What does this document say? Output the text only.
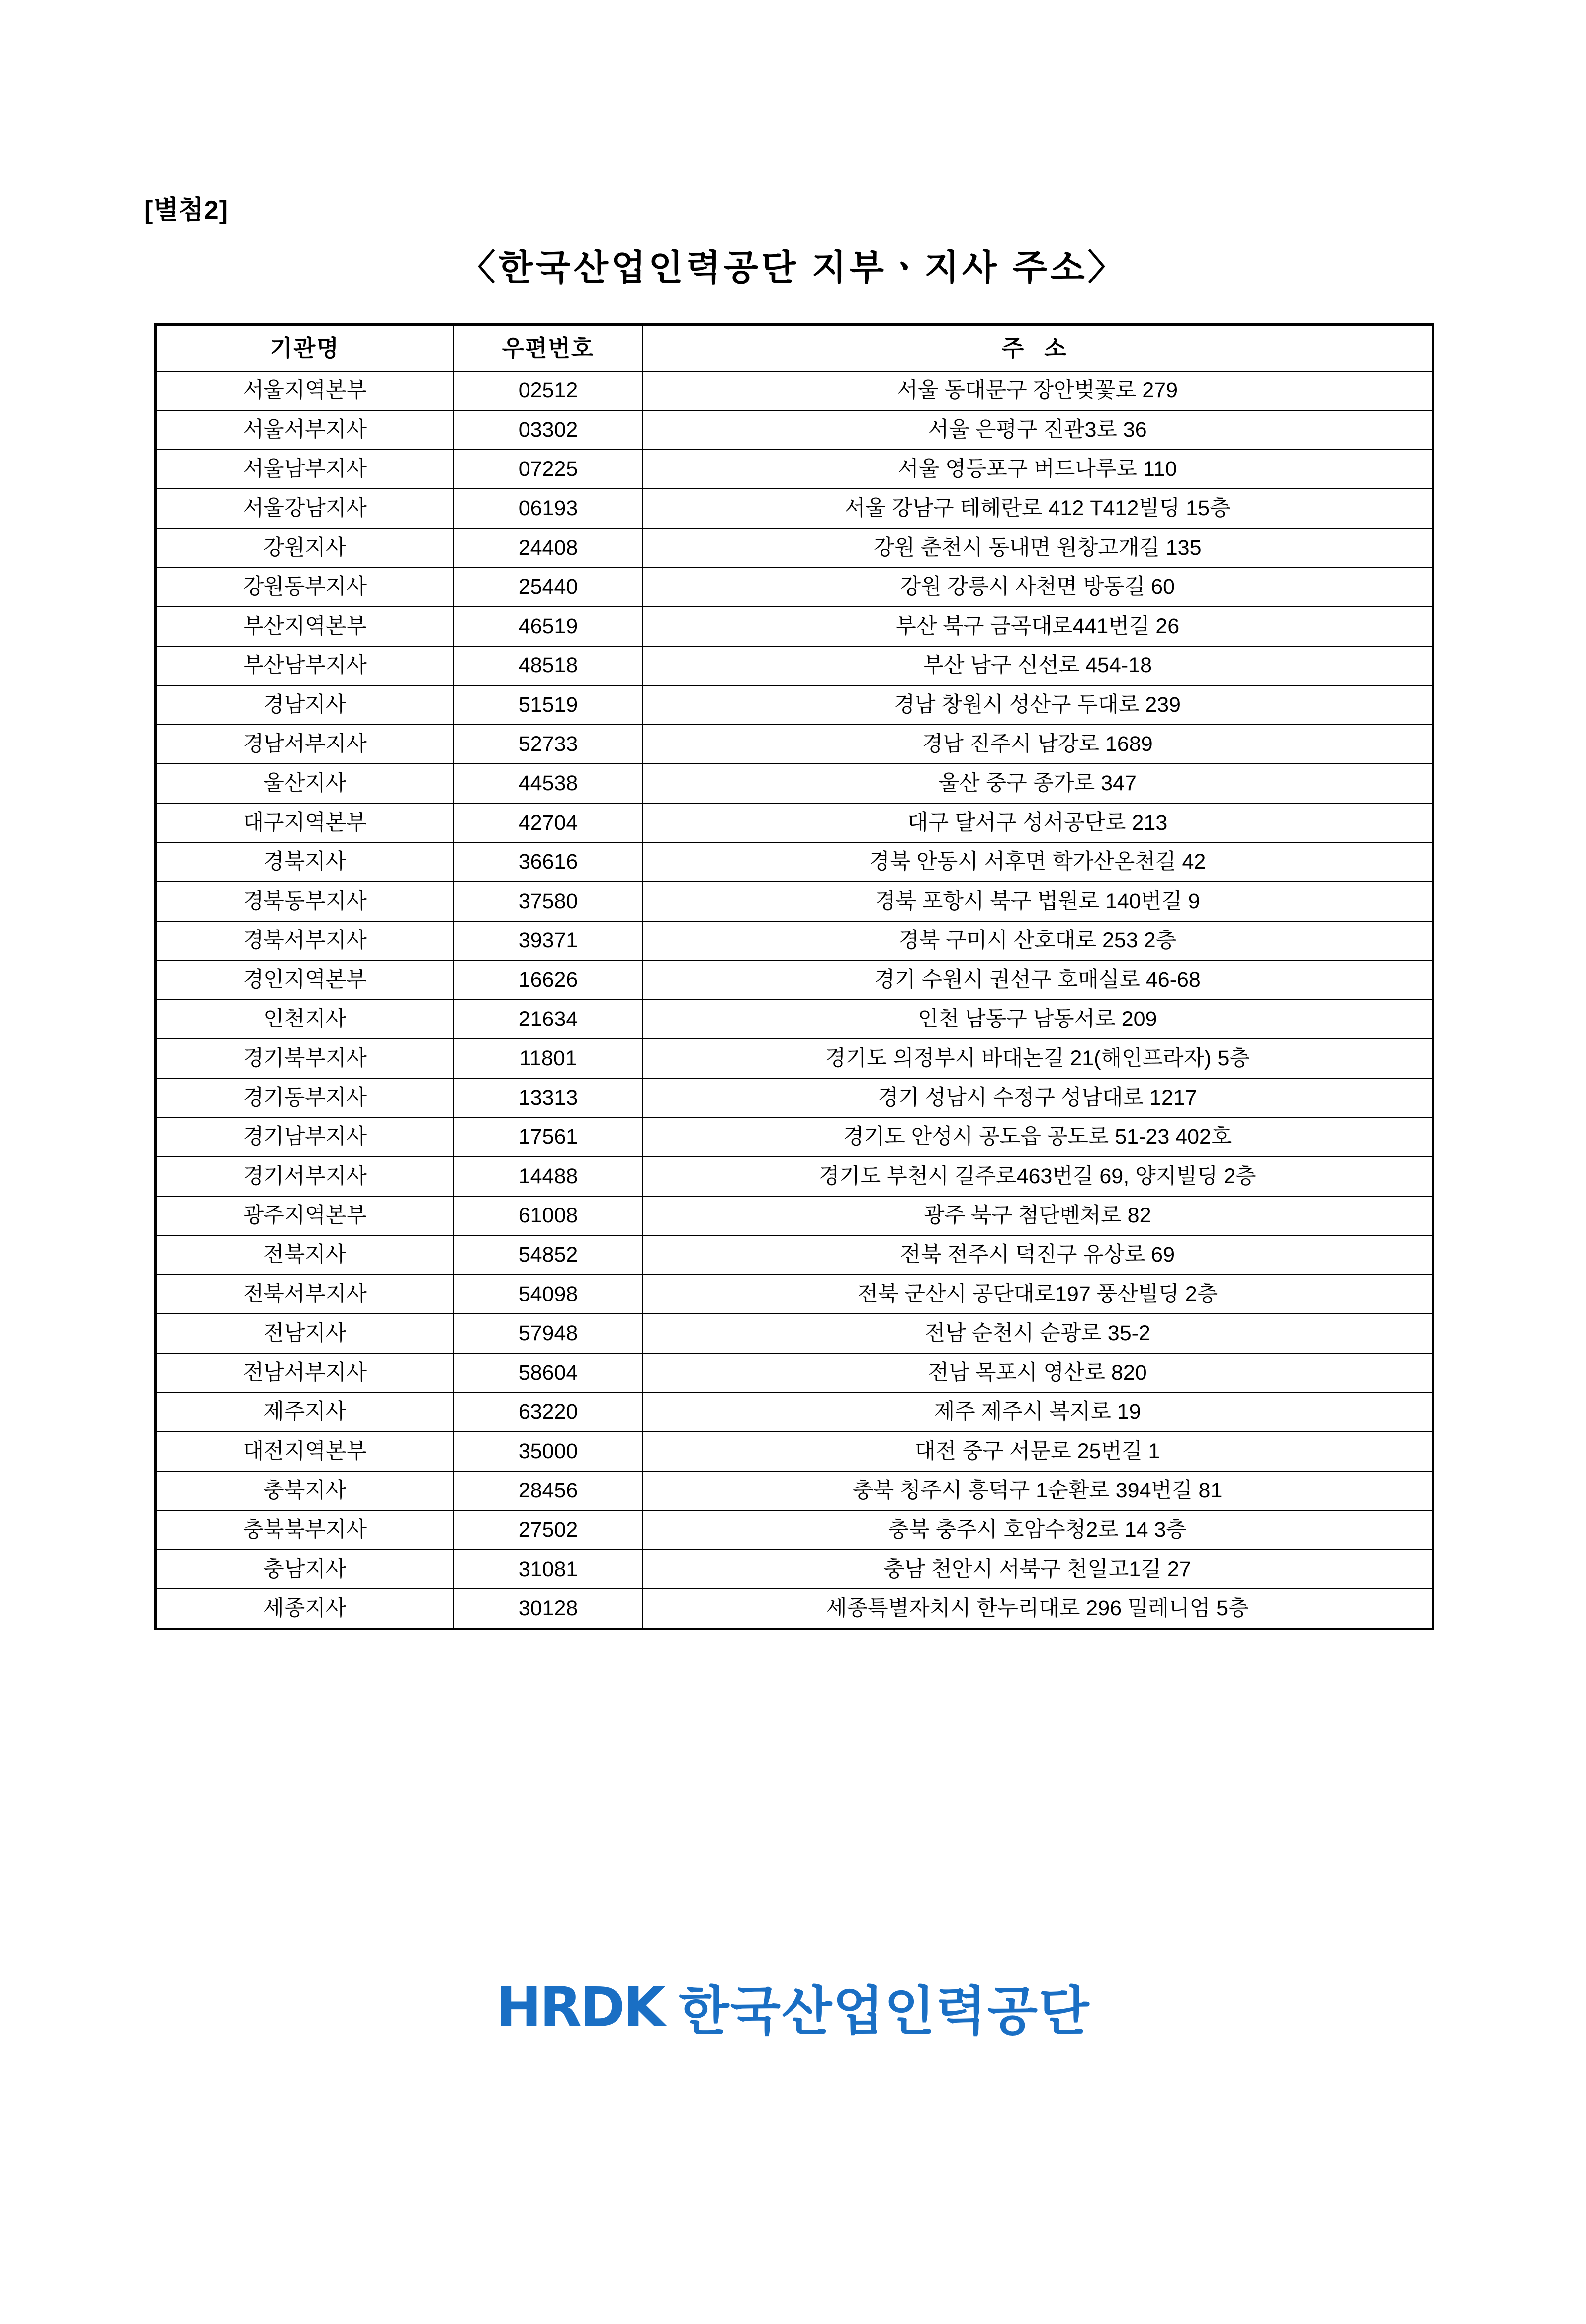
[별첨2]
〈한국산업인력공단 지부ㆍ지사 주소〉
기관명	우편번호	주 소
서울지역본부	02512	서울 동대문구 장안벚꽃로 279
서울서부지사	03302	서울 은평구 진관3로 36
서울남부지사	07225	서울 영등포구 버드나루로 110
서울강남지사	06193	서울 강남구 테헤란로 412 T412빌딩 15층
강원지사	24408	강원 춘천시 동내면 원창고개길 135
강원동부지사	25440	강원 강릉시 사천면 방동길 60
부산지역본부	46519	부산 북구 금곡대로441번길 26
부산남부지사	48518	부산 남구 신선로 454-18
경남지사	51519	경남 창원시 성산구 두대로 239
경남서부지사	52733	경남 진주시 남강로 1689
울산지사	44538	울산 중구 종가로 347
대구지역본부	42704	대구 달서구 성서공단로 213
경북지사	36616	경북 안동시 서후면 학가산온천길 42
경북동부지사	37580	경북 포항시 북구 법원로 140번길 9
경북서부지사	39371	경북 구미시 산호대로 253 2층
경인지역본부	16626	경기 수원시 권선구 호매실로 46-68
인천지사	21634	인천 남동구 남동서로 209
경기북부지사	11801	경기도 의정부시 바대논길 21(해인프라자) 5층
경기동부지사	13313	경기 성남시 수정구 성남대로 1217
경기남부지사	17561	경기도 안성시 공도읍 공도로 51-23 402호
경기서부지사	14488	경기도 부천시 길주로463번길 69, 양지빌딩 2층
광주지역본부	61008	광주 북구 첨단벤처로 82
전북지사	54852	전북 전주시 덕진구 유상로 69
전북서부지사	54098	전북 군산시 공단대로197 풍산빌딩 2층
전남지사	57948	전남 순천시 순광로 35-2
전남서부지사	58604	전남 목포시 영산로 820
제주지사	63220	제주 제주시 복지로 19
대전지역본부	35000	대전 중구 서문로 25번길 1
충북지사	28456	충북 청주시 흥덕구 1순환로 394번길 81
충북북부지사	27502	충북 충주시 호암수청2로 14 3층
충남지사	31081	충남 천안시 서북구 천일고1길 27
세종지사	30128	세종특별자치시 한누리대로 296 밀레니엄 5층
HRDK 한국산업인력공단
